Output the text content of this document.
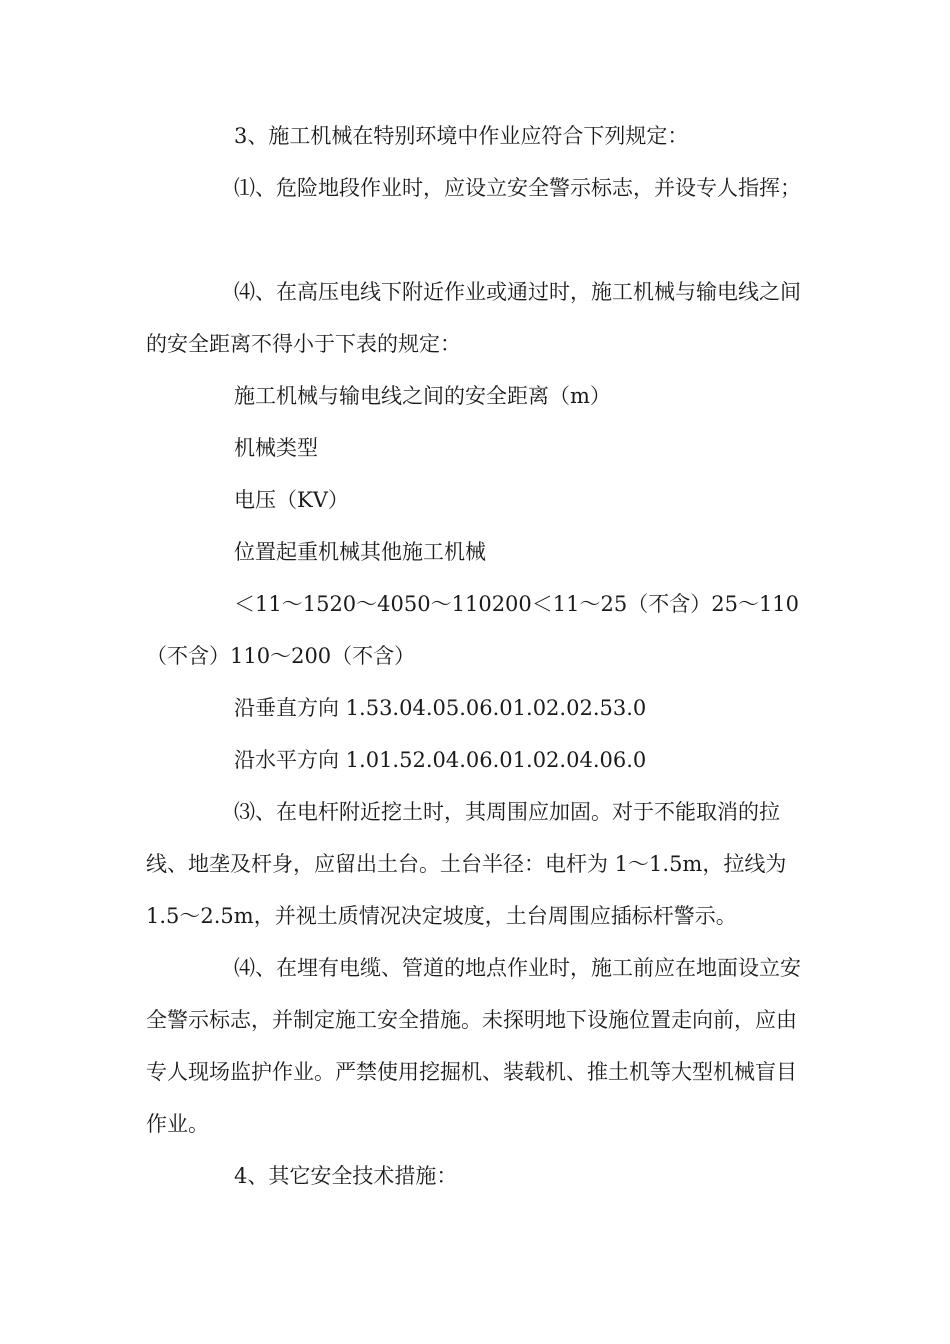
3、施工机械在特别环境中作业应符合下列规定：

⑴、危险地段作业时，应设立安全警示标志，并设专人指挥；

⑷、在高压电线下附近作业或通过时，施工机械与输电线之间的安全距离不得小于下表的规定：

施工机械与输电线之间的安全距离（m）

机械类型

电压（KV）

位置起重机械其他施工机械

＜11～1520～4050～110200＜11～25（不含）25～110（不含）110～200（不含）

沿垂直方向 1.53.04.05.06.01.02.02.53.0

沿水平方向 1.01.52.04.06.01.02.04.06.0

⑶、在电杆附近挖土时，其周围应加固。对于不能取消的拉线、地垄及杆身，应留出土台。土台半径：电杆为 1～1.5m，拉线为 1.5～2.5m，并视土质情况决定坡度，土台周围应插标杆警示。

⑷、在埋有电缆、管道的地点作业时，施工前应在地面设立安全警示标志，并制定施工安全措施。未探明地下设施位置走向前，应由专人现场监护作业。严禁使用挖掘机、装载机、推土机等大型机械盲目作业。

4、其它安全技术措施：
